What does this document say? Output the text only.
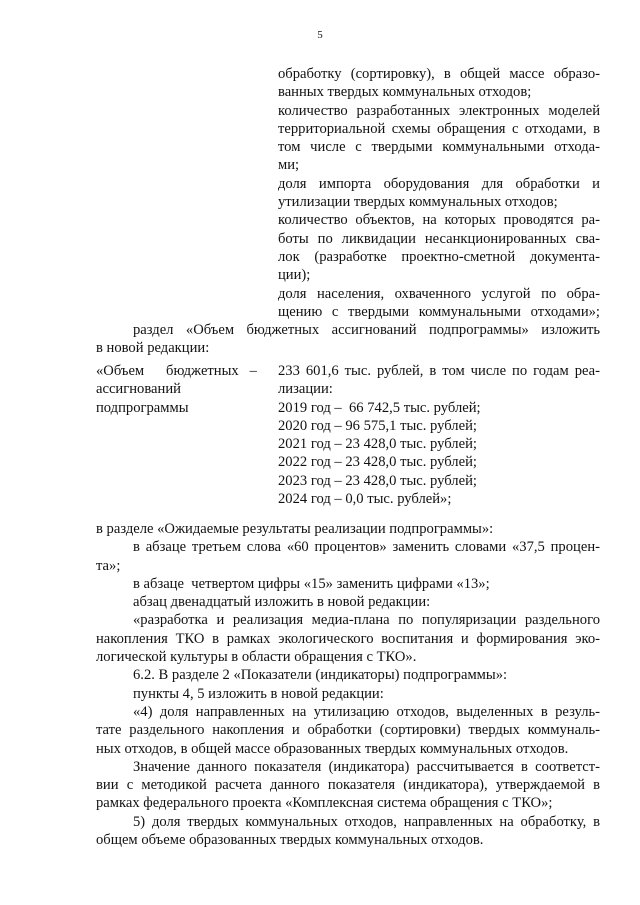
5
обработку (сортировку), в общей массе образо-
ванных твердых коммунальных отходов;
количество разработанных электронных моделей
территориальной схемы обращения с отходами, в
том числе с твердыми коммунальными отхода-
ми;
доля импорта оборудования для обработки и
утилизации твердых коммунальных отходов;
количество объектов, на которых проводятся ра-
боты по ликвидации несанкционированных сва-
лок (разработке проектно-сметной документа-
ции);
доля населения, охваченного услугой по обра-
щению с твердыми коммунальными отходами»;
раздел «Объем бюджетных ассигнований подпрограммы» изложить
в новой редакции:
«Объем      бюджетных   –
ассигнований
подпрограммы
233 601,6 тыс. рублей, в том числе по годам реа-
лизации:
2019 год –  66 742,5 тыс. рублей;
2020 год – 96 575,1 тыс. рублей;
2021 год – 23 428,0 тыс. рублей;
2022 год – 23 428,0 тыс. рублей;
2023 год – 23 428,0 тыс. рублей;
2024 год – 0,0 тыс. рублей»;
в разделе «Ожидаемые результаты реализации подпрограммы»:
в абзаце третьем слова «60 процентов» заменить словами «37,5 процен-
та»;
в абзаце  четвертом цифры «15» заменить цифрами «13»;
абзац двенадцатый изложить в новой редакции:
«разработка и реализация медиа-плана по популяризации раздельного
накопления ТКО в рамках экологического воспитания и формирования эко-
логической культуры в области обращения с ТКО».
6.2. В разделе 2 «Показатели (индикаторы) подпрограммы»:
пункты 4, 5 изложить в новой редакции:
«4) доля направленных на утилизацию отходов, выделенных в резуль-
тате раздельного накопления и обработки (сортировки) твердых коммуналь-
ных отходов, в общей массе образованных твердых коммунальных отходов.
Значение данного показателя (индикатора) рассчитывается в соответст-
вии с методикой расчета данного показателя (индикатора), утверждаемой в
рамках федерального проекта «Комплексная система обращения с ТКО»;
5) доля твердых коммунальных отходов, направленных на обработку, в
общем объеме образованных твердых коммунальных отходов.
